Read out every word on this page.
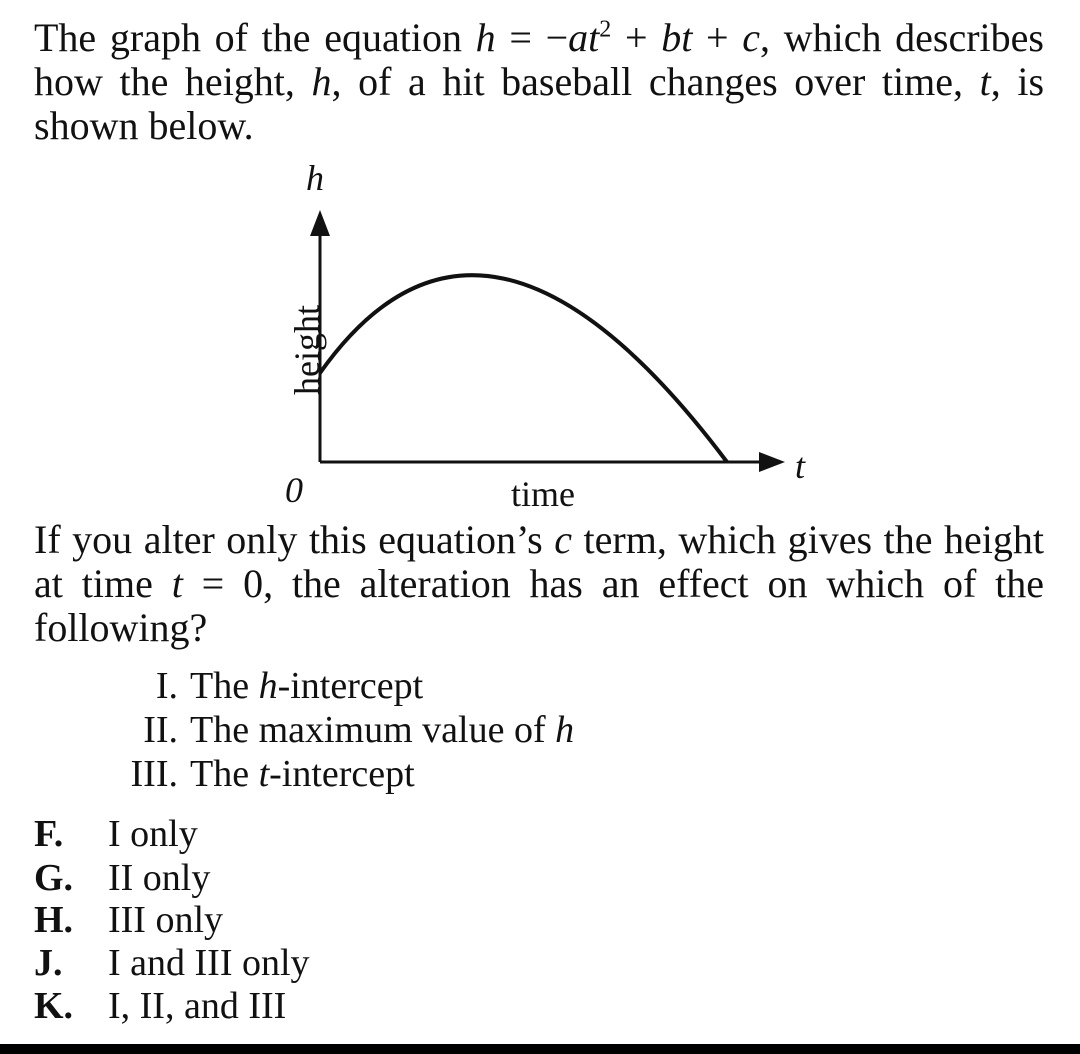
The graph of the equation $h = -at^2$ + bt + c, which describes how the height, h, of a hit baseball changes over time, t, is shown below.

h
t
0	time
height

If you alter only this equation’s c term, which gives the height at time t = 0, the alteration has an effect on which of the following?

I. The h-intercept
II. The maximum value of h
III. The t-intercept
F. I only
G. II only
H. III only
J. I and III only
K. I, II, and III
